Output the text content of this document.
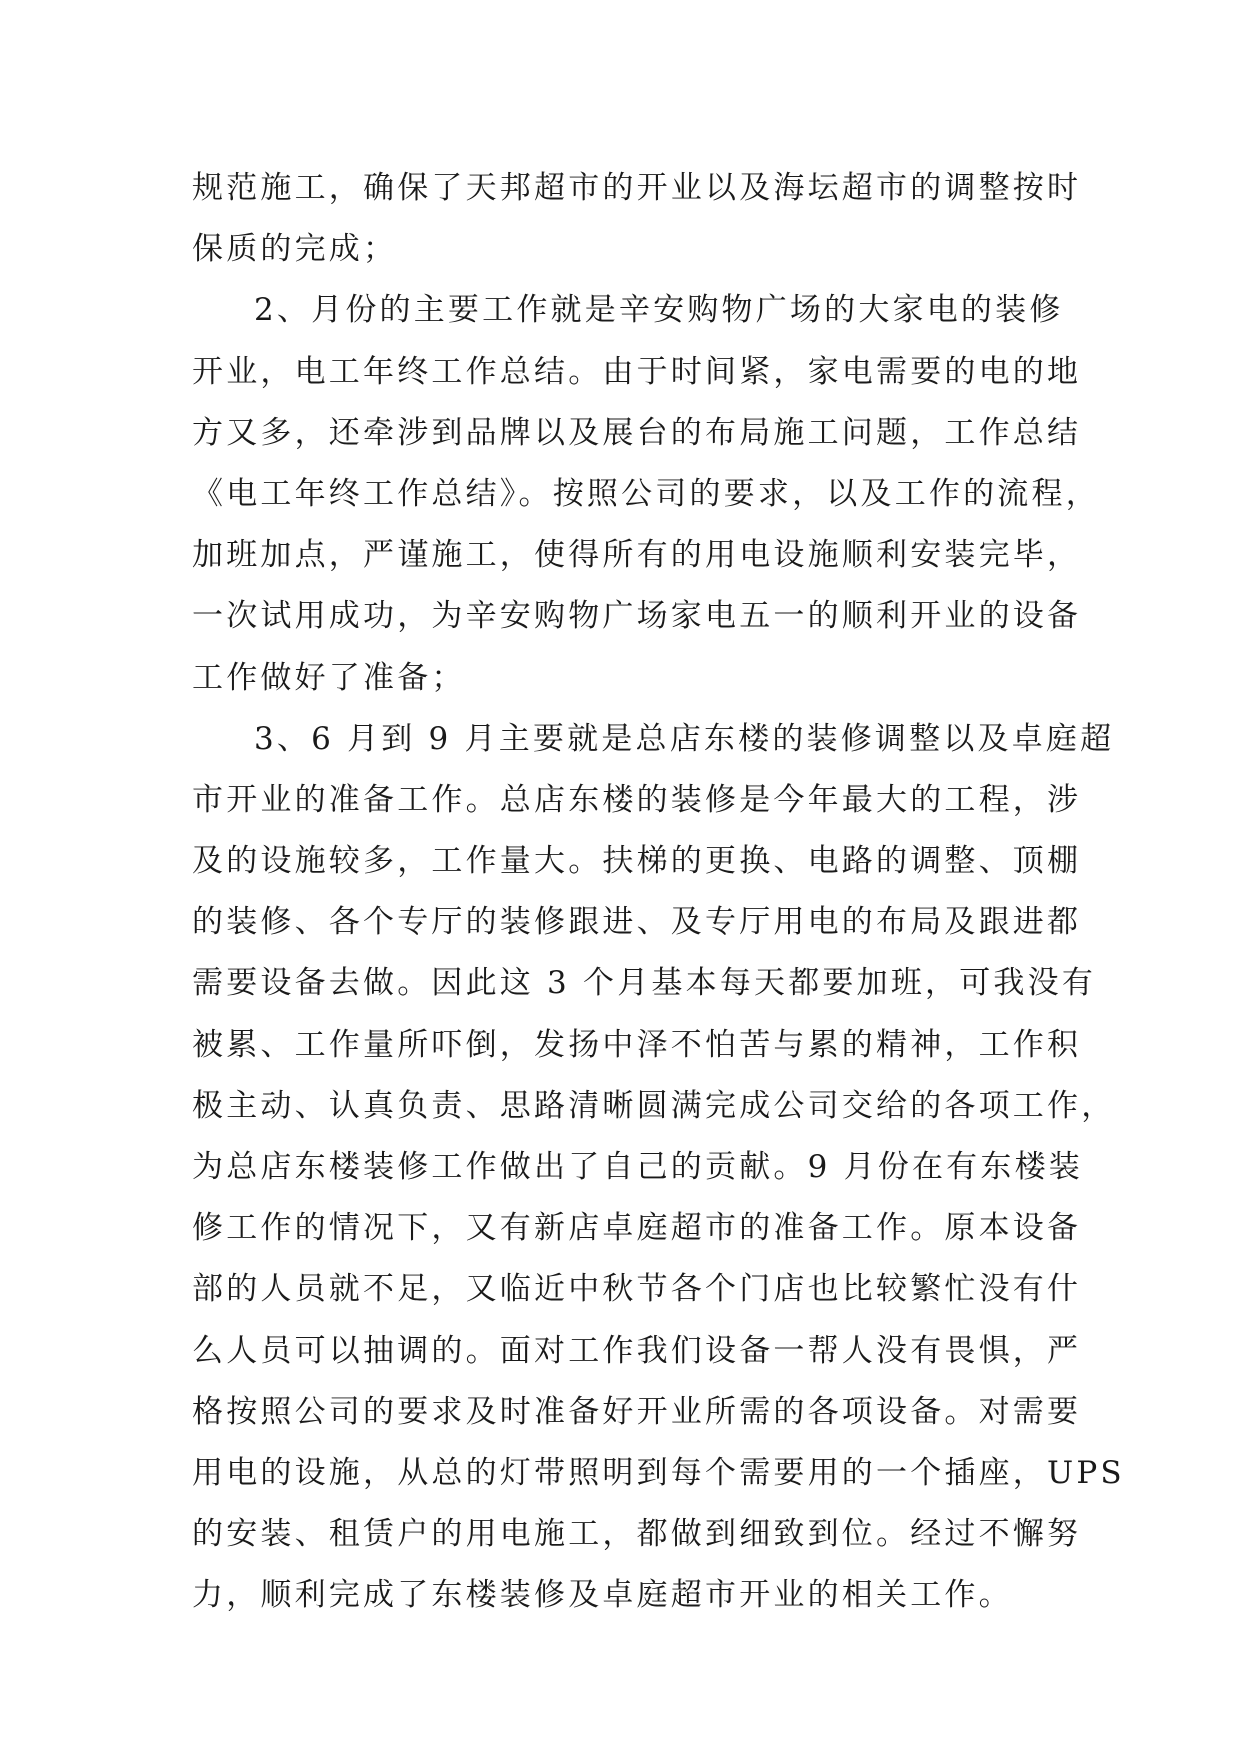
规范施工，确保了天邦超市的开业以及海坛超市的调整按时
保质的完成；
2、月份的主要工作就是辛安购物广场的大家电的装修
开业，电工年终工作总结。由于时间紧，家电需要的电的地
方又多，还牵涉到品牌以及展台的布局施工问题，工作总结
《电工年终工作总结》。按照公司的要求，以及工作的流程，
加班加点，严谨施工，使得所有的用电设施顺利安装完毕，
一次试用成功，为辛安购物广场家电五一的顺利开业的设备
工作做好了准备；
3、6 月到 9 月主要就是总店东楼的装修调整以及卓庭超
市开业的准备工作。总店东楼的装修是今年最大的工程，涉
及的设施较多，工作量大。扶梯的更换、电路的调整、顶棚
的装修、各个专厅的装修跟进、及专厅用电的布局及跟进都
需要设备去做。因此这 3 个月基本每天都要加班，可我没有
被累、工作量所吓倒，发扬中泽不怕苦与累的精神，工作积
极主动、认真负责、思路清晰圆满完成公司交给的各项工作，
为总店东楼装修工作做出了自己的贡献。9 月份在有东楼装
修工作的情况下，又有新店卓庭超市的准备工作。原本设备
部的人员就不足，又临近中秋节各个门店也比较繁忙没有什
么人员可以抽调的。面对工作我们设备一帮人没有畏惧，严
格按照公司的要求及时准备好开业所需的各项设备。对需要
用电的设施，从总的灯带照明到每个需要用的一个插座，UPS
的安装、租赁户的用电施工，都做到细致到位。经过不懈努
力，顺利完成了东楼装修及卓庭超市开业的相关工作。
